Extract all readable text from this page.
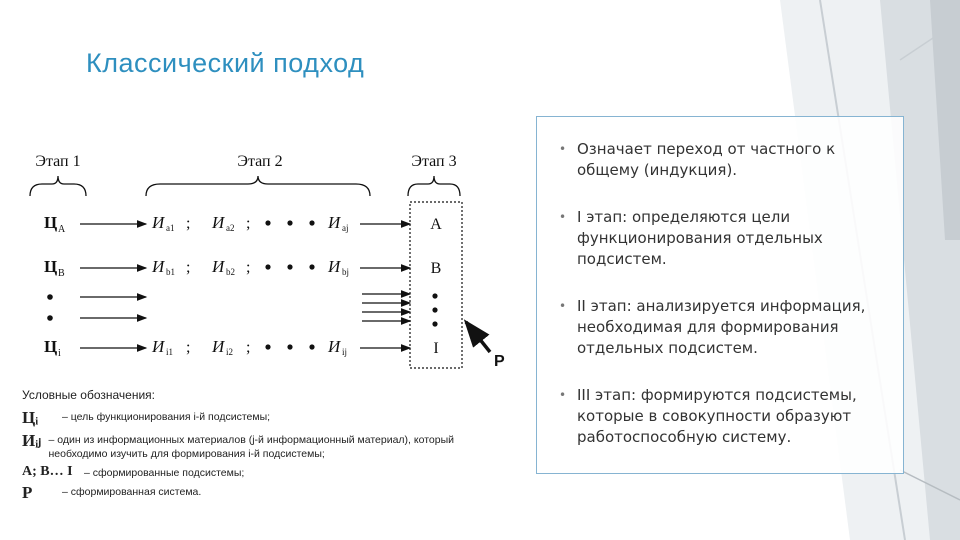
Классический подход
Этап 1	Этап 2	Этап 3
Ц A	И a1 ; И a2 ;	И aj	A
Ц B	И b1 ; И b2 ;	И bj	B
Ц i	И i1 ; И i2 ;	И ij	I
P
Условные обозначения:
Цᵢ	– цель функционирования i-й подсистемы;
Иᵢⱼ – один из информационных материалов (j-й информационный материал), который необходимо изучить для формирования i-й подсистемы;
А; В… I	– сформированные подсистемы;
Р	– сформированная система.
• Означает переход от частного к общему (индукция).
• I этап: определяются цели функционирования отдельных подсистем.
• II этап: анализируется информация, необходимая для формирования отдельных подсистем.
• III этап: формируются подсистемы, которые в совокупности образуют работоспособную систему.
